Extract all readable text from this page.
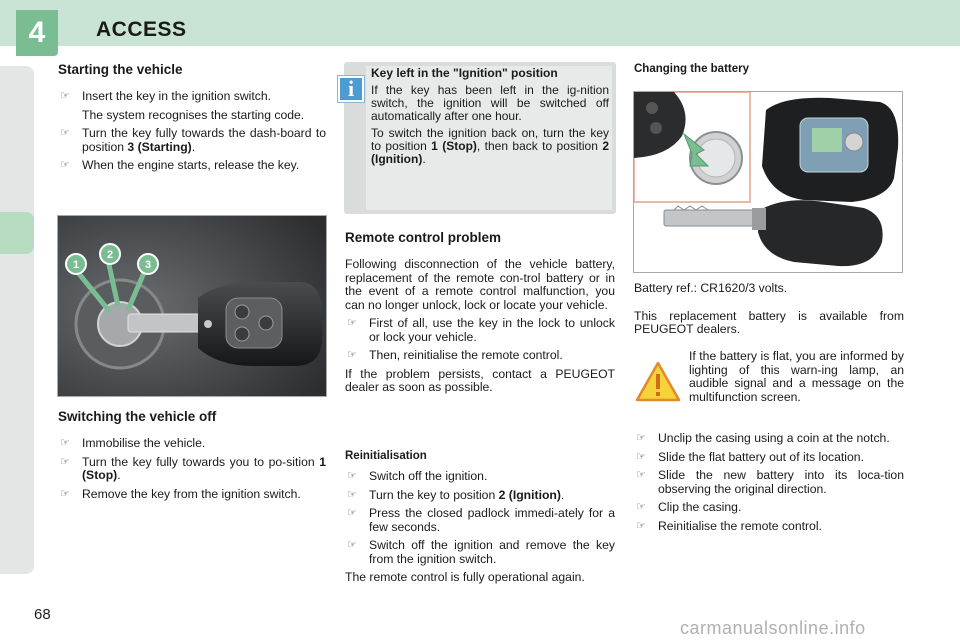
4 ACCESS
Starting the vehicle
☞ Insert the key in the ignition switch.
The system recognises the starting code.
☞ Turn the key fully towards the dash-board to position 3 (Starting).
☞ When the engine starts, release the key.
1
2
3
Switching the vehicle off
☞ Immobilise the vehicle.
☞ Turn the key fully towards you to po-sition 1 (Stop).
☞ Remove the key from the ignition switch.
i
Key left in the "Ignition" position

If the key has been left in the ig-nition switch, the ignition will be switched off automatically after one hour.

To switch the ignition back on, turn the key to position 1 (Stop), then back to position 2 (Ignition).

Remote control problem

Following disconnection of the vehicle battery, replacement of the remote con-trol battery or in the event of a remote control malfunction, you can no longer unlock, lock or locate your vehicle.

☞ First of all, use the key in the lock to unlock or lock your vehicle.
☞ Then, reinitialise the remote control.

If the problem persists, contact a PEUGEOT dealer as soon as possible.

Reinitialisation
☞ Switch off the ignition.
☞ Turn the key to position 2 (Ignition).
☞ Press the closed padlock immedi-ately for a few seconds.
☞ Switch off the ignition and remove the key from the ignition switch.

The remote control is fully operational again.

Changing the battery

Battery ref.: CR1620/3 volts.

This replacement battery is available from PEUGEOT dealers.

If the battery is flat, you are informed by lighting of this warn-ing lamp, an audible signal and a message on the multifunction screen.
☞ Unclip the casing using a coin at the notch.
☞ Slide the flat battery out of its location.
☞ Slide the new battery into its loca-tion observing the original direction.
☞ Clip the casing.
☞ Reinitialise the remote control.
68
carmanualsonline.info
